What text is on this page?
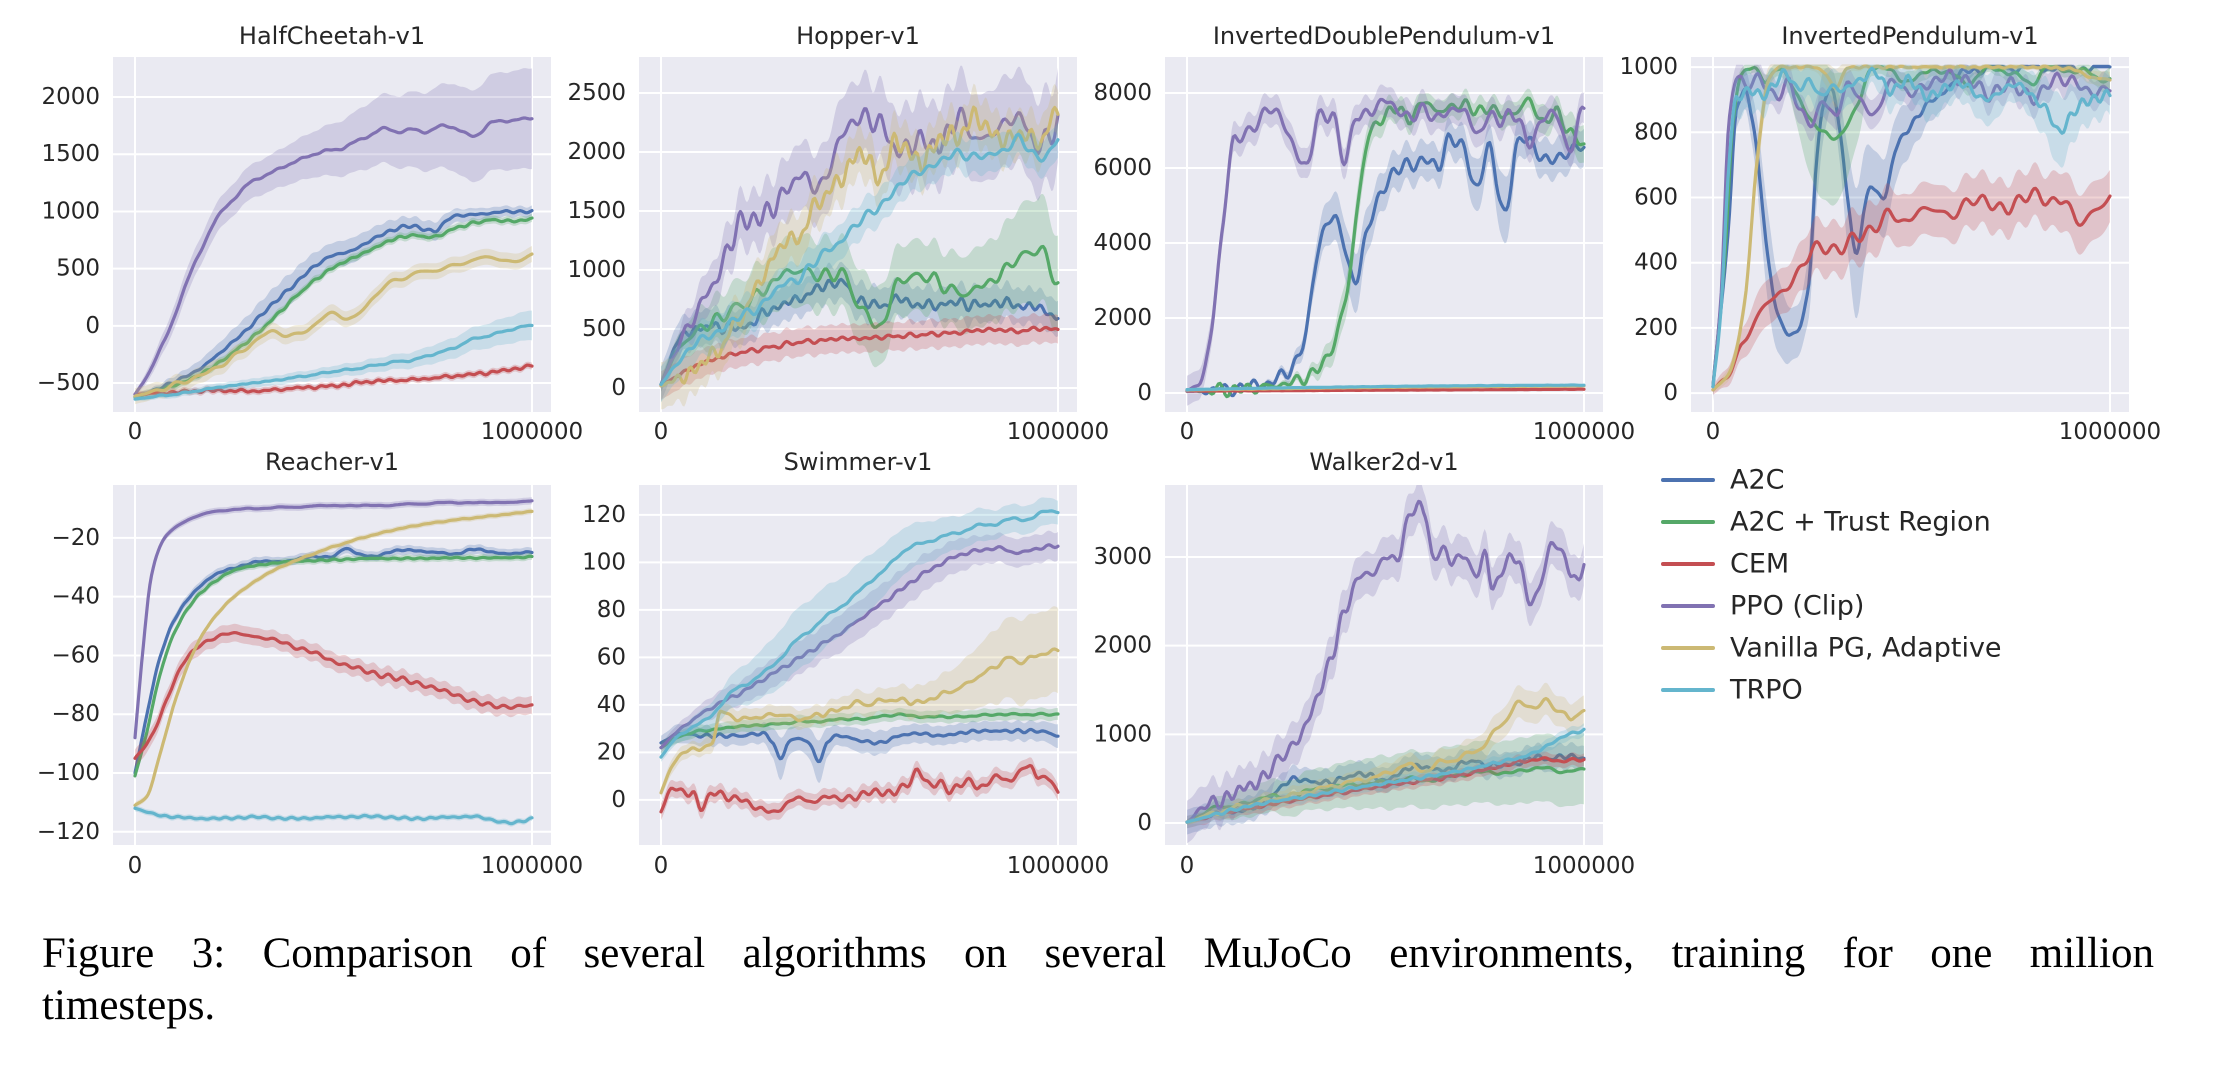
HalfCheetah-v1
−500
0
500
1000
1500
2000
0	1000000
Hopper-v1
0
500
1000
1500
2000
2500
0	1000000
InvertedDoublePendulum-v1
0
2000
4000
6000
8000
0	1000000
InvertedPendulum-v1
0
200
400
600
800
1000
0	1000000
Reacher-v1
−120
−100
−80
−60
−40
−20
0	1000000
Swimmer-v1
0
20
40
60
80
100
120
0	1000000
Walker2d-v1
0
1000
2000
3000
0	1000000
A2C
A2C + Trust Region
CEM
PPO (Clip)
Vanilla PG, Adaptive
TRPO
Figure 3: Comparison of several algorithms on several MuJoCo environments, training for one million
timesteps.
